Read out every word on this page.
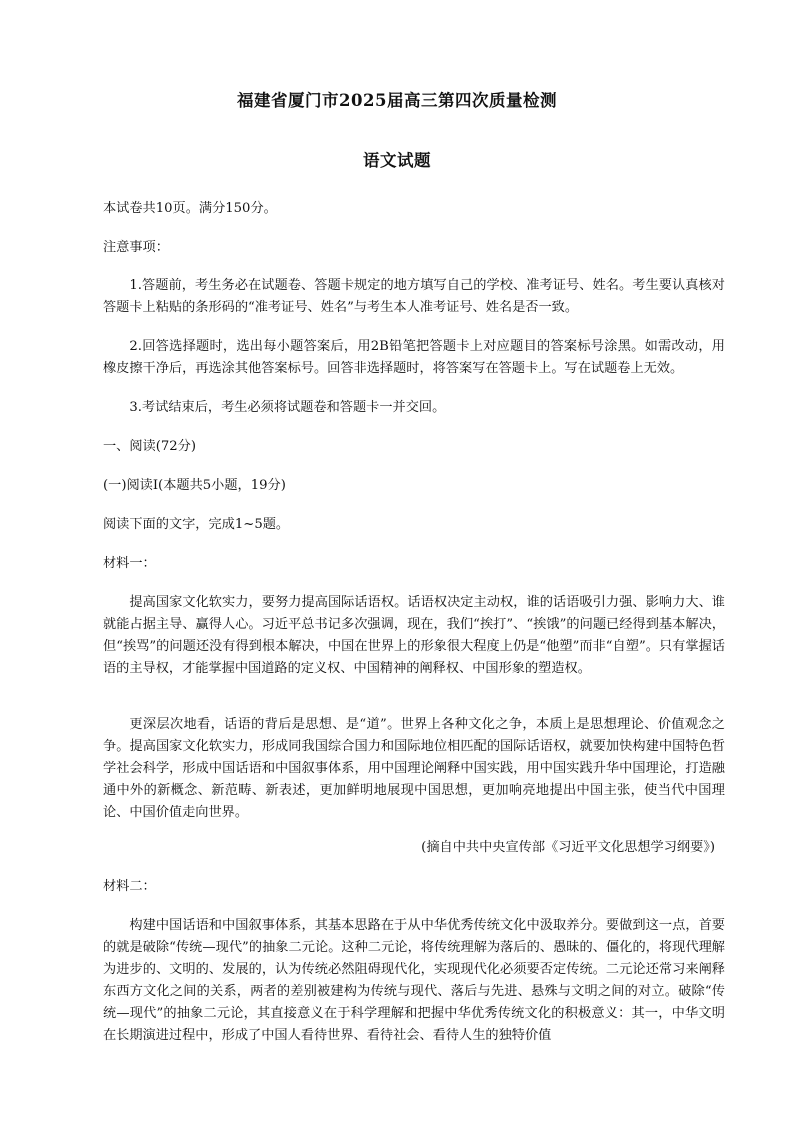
福建省厦门市2025届高三第四次质量检测
语文试题
本试卷共10页。满分150分。
注意事项：
1.答题前，考生务必在试题卷、答题卡规定的地方填写自己的学校、准考证号、姓名。考生要认真核对答题卡上粘贴的条形码的“准考证号、姓名”与考生本人准考证号、姓名是否一致。
2.回答选择题时，选出每小题答案后，用2B铅笔把答题卡上对应题目的答案标号涂黑。如需改动，用橡皮擦干净后，再选涂其他答案标号。回答非选择题时，将答案写在答题卡上。写在试题卷上无效。
3.考试结束后，考生必须将试题卷和答题卡一并交回。
一、阅读(72分)
(一)阅读Ⅰ(本题共5小题，19分)
阅读下面的文字，完成1~5题。
材料一：
提高国家文化软实力，要努力提高国际话语权。话语权决定主动权，谁的话语吸引力强、影响力大、谁就能占据主导、赢得人心。习近平总书记多次强调，现在，我们“挨打”、“挨饿”的问题已经得到基本解决，但“挨骂”的问题还没有得到根本解决，中国在世界上的形象很大程度上仍是“他塑”而非“自塑”。只有掌握话语的主导权，才能掌握中国道路的定义权、中国精神的阐释权、中国形象的塑造权。
更深层次地看，话语的背后是思想、是“道”。世界上各种文化之争，本质上是思想理论、价值观念之争。提高国家文化软实力，形成同我国综合国力和国际地位相匹配的国际话语权，就要加快构建中国特色哲学社会科学，形成中国话语和中国叙事体系，用中国理论阐释中国实践，用中国实践升华中国理论，打造融通中外的新概念、新范畴、新表述，更加鲜明地展现中国思想，更加响亮地提出中国主张，使当代中国理论、中国价值走向世界。
(摘自中共中央宣传部《习近平文化思想学习纲要》)
材料二：
构建中国话语和中国叙事体系，其基本思路在于从中华优秀传统文化中汲取养分。要做到这一点，首要的就是破除“传统—现代”的抽象二元论。这种二元论，将传统理解为落后的、愚昧的、僵化的，将现代理解为进步的、文明的、发展的，认为传统必然阻碍现代化，实现现代化必须要否定传统。二元论还常习来阐释东西方文化之间的关系，两者的差别被建构为传统与现代、落后与先进、悬殊与文明之间的对立。破除“传统—现代”的抽象二元论，其直接意义在于科学理解和把握中华优秀传统文化的积极意义：其一，中华文明在长期演进过程中，形成了中国人看待世界、看待社会、看待人生的独特价值
